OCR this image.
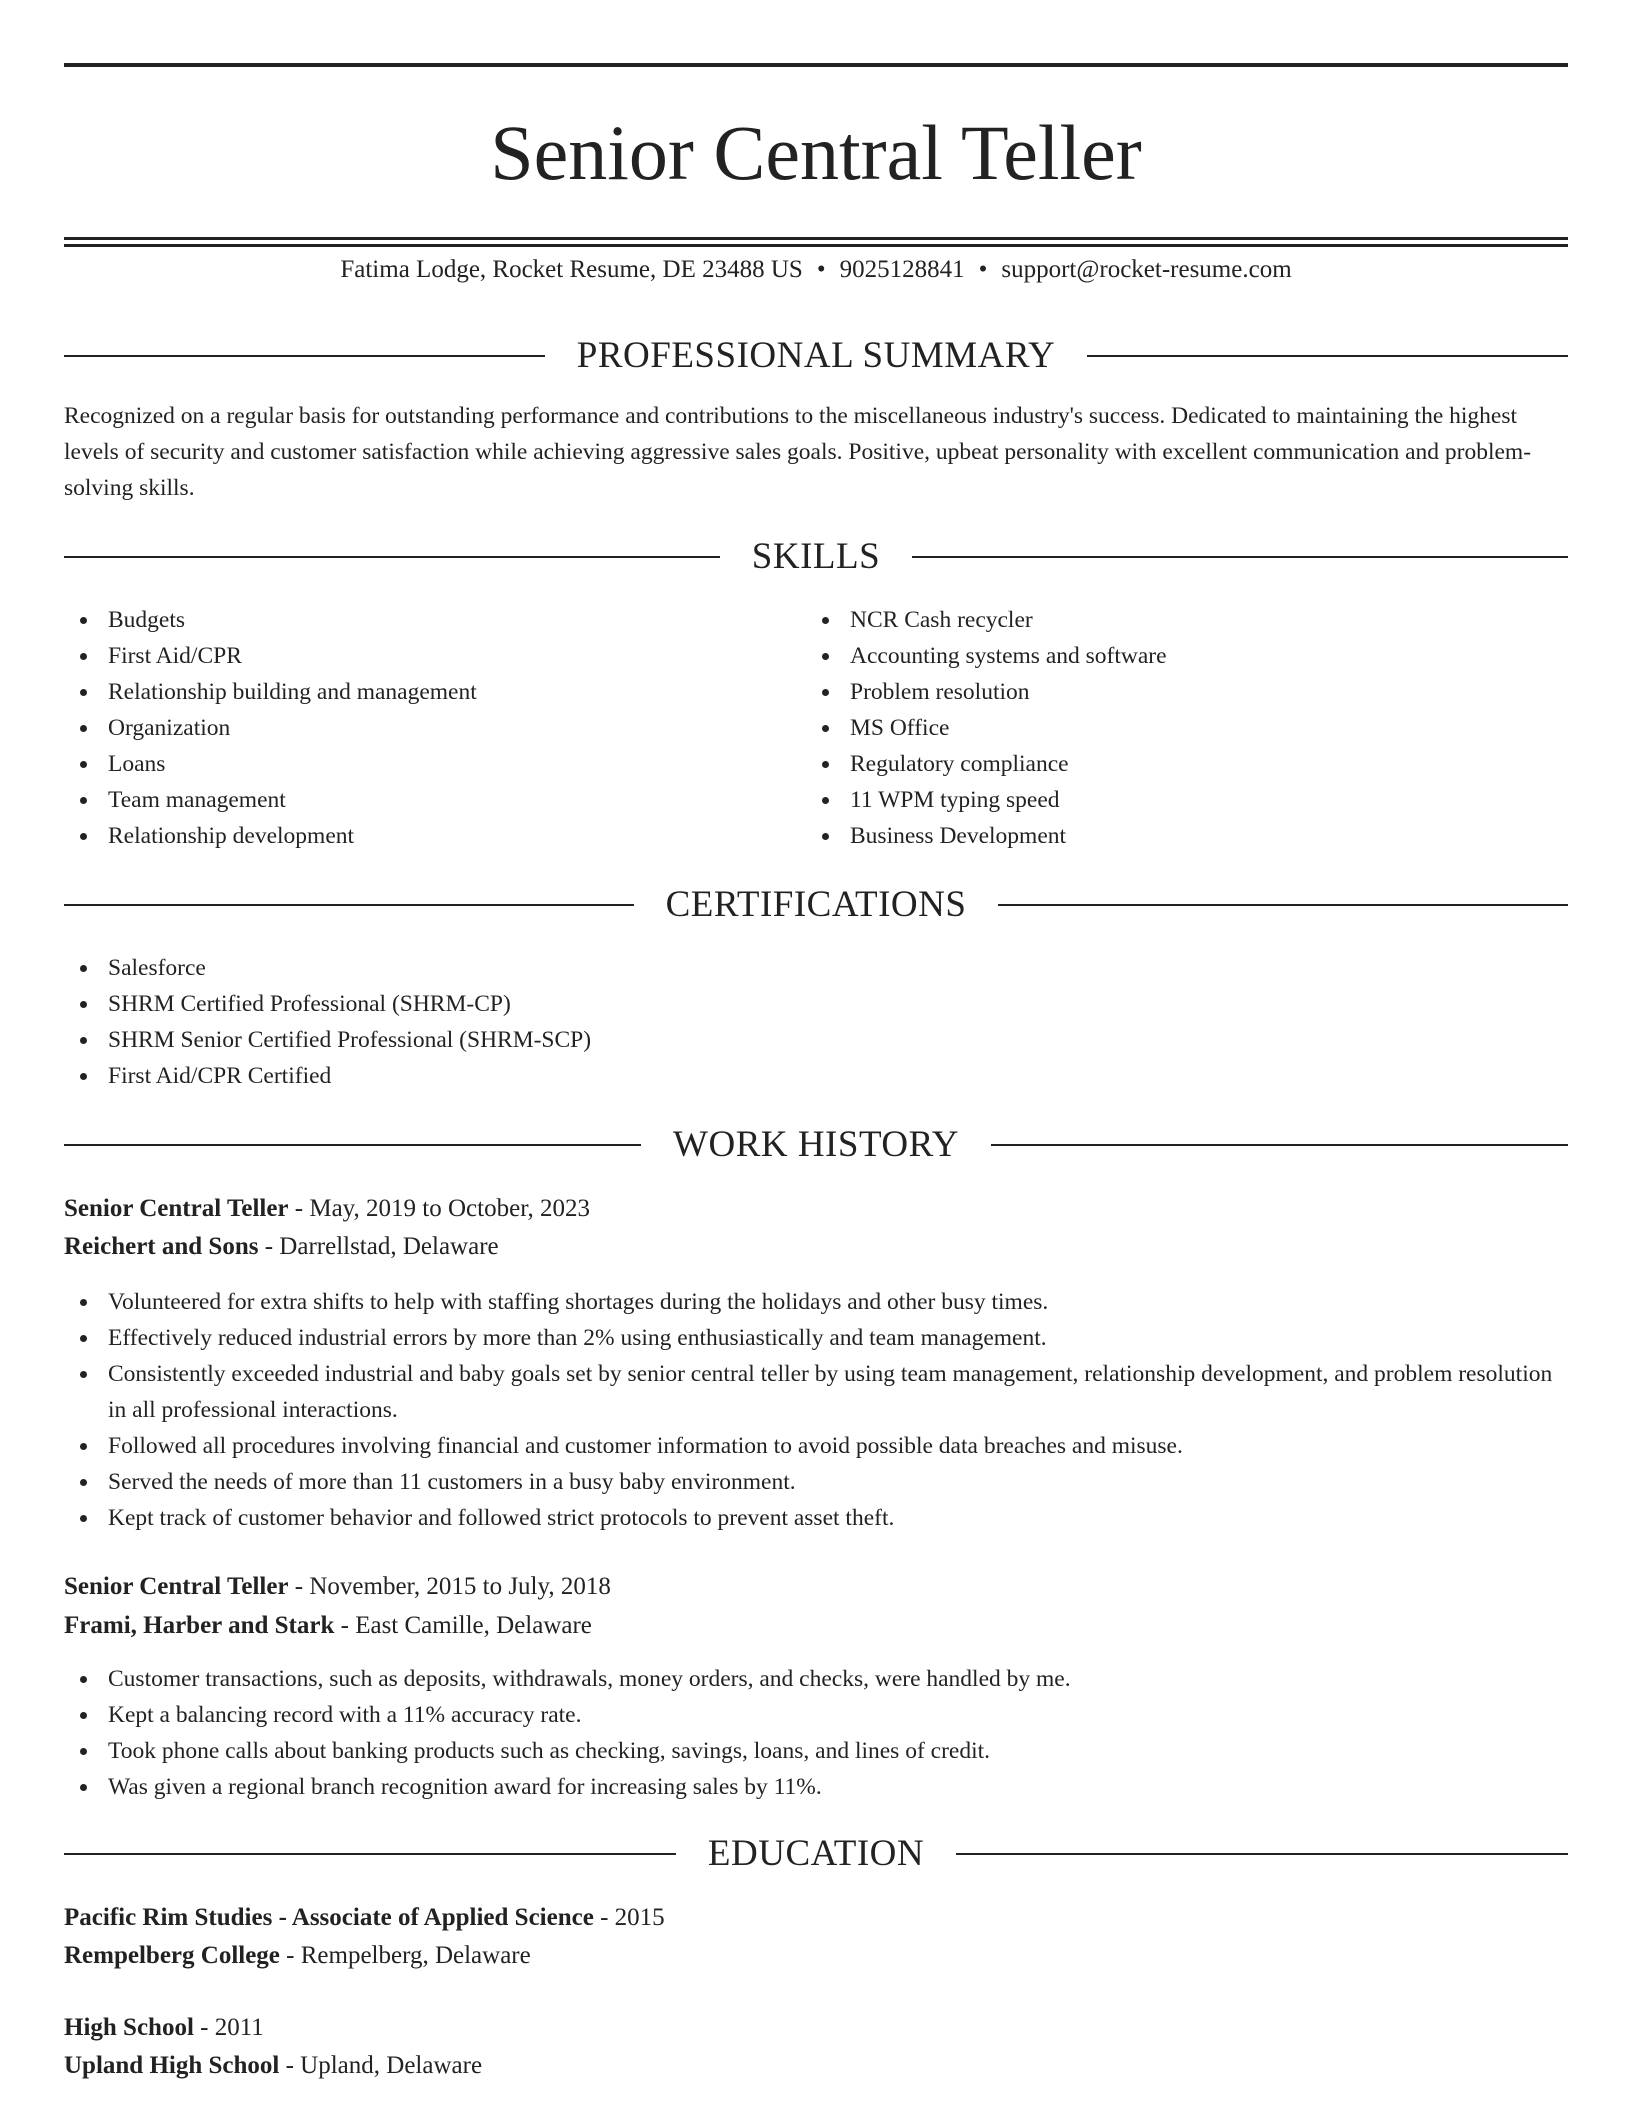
Senior Central Teller
Fatima Lodge, Rocket Resume, DE 23488 US • 9025128841 • support@rocket-resume.com
PROFESSIONAL SUMMARY
Recognized on a regular basis for outstanding performance and contributions to the miscellaneous industry's success. Dedicated to maintaining the highest levels of security and customer satisfaction while achieving aggressive sales goals. Positive, upbeat personality with excellent communication and problem-solving skills.
SKILLS
Budgets
First Aid/CPR
Relationship building and management
Organization
Loans
Team management
Relationship development
NCR Cash recycler
Accounting systems and software
Problem resolution
MS Office
Regulatory compliance
11 WPM typing speed
Business Development
CERTIFICATIONS
Salesforce
SHRM Certified Professional (SHRM-CP)
SHRM Senior Certified Professional (SHRM-SCP)
First Aid/CPR Certified
WORK HISTORY
Senior Central Teller - May, 2019 to October, 2023
Reichert and Sons - Darrellstad, Delaware
Volunteered for extra shifts to help with staffing shortages during the holidays and other busy times.
Effectively reduced industrial errors by more than 2% using enthusiastically and team management.
Consistently exceeded industrial and baby goals set by senior central teller by using team management, relationship development, and problem resolution in all professional interactions.
Followed all procedures involving financial and customer information to avoid possible data breaches and misuse.
Served the needs of more than 11 customers in a busy baby environment.
Kept track of customer behavior and followed strict protocols to prevent asset theft.
Senior Central Teller - November, 2015 to July, 2018
Frami, Harber and Stark - East Camille, Delaware
Customer transactions, such as deposits, withdrawals, money orders, and checks, were handled by me.
Kept a balancing record with a 11% accuracy rate.
Took phone calls about banking products such as checking, savings, loans, and lines of credit.
Was given a regional branch recognition award for increasing sales by 11%.
EDUCATION
Pacific Rim Studies - Associate of Applied Science - 2015
Rempelberg College - Rempelberg, Delaware
High School - 2011
Upland High School - Upland, Delaware
